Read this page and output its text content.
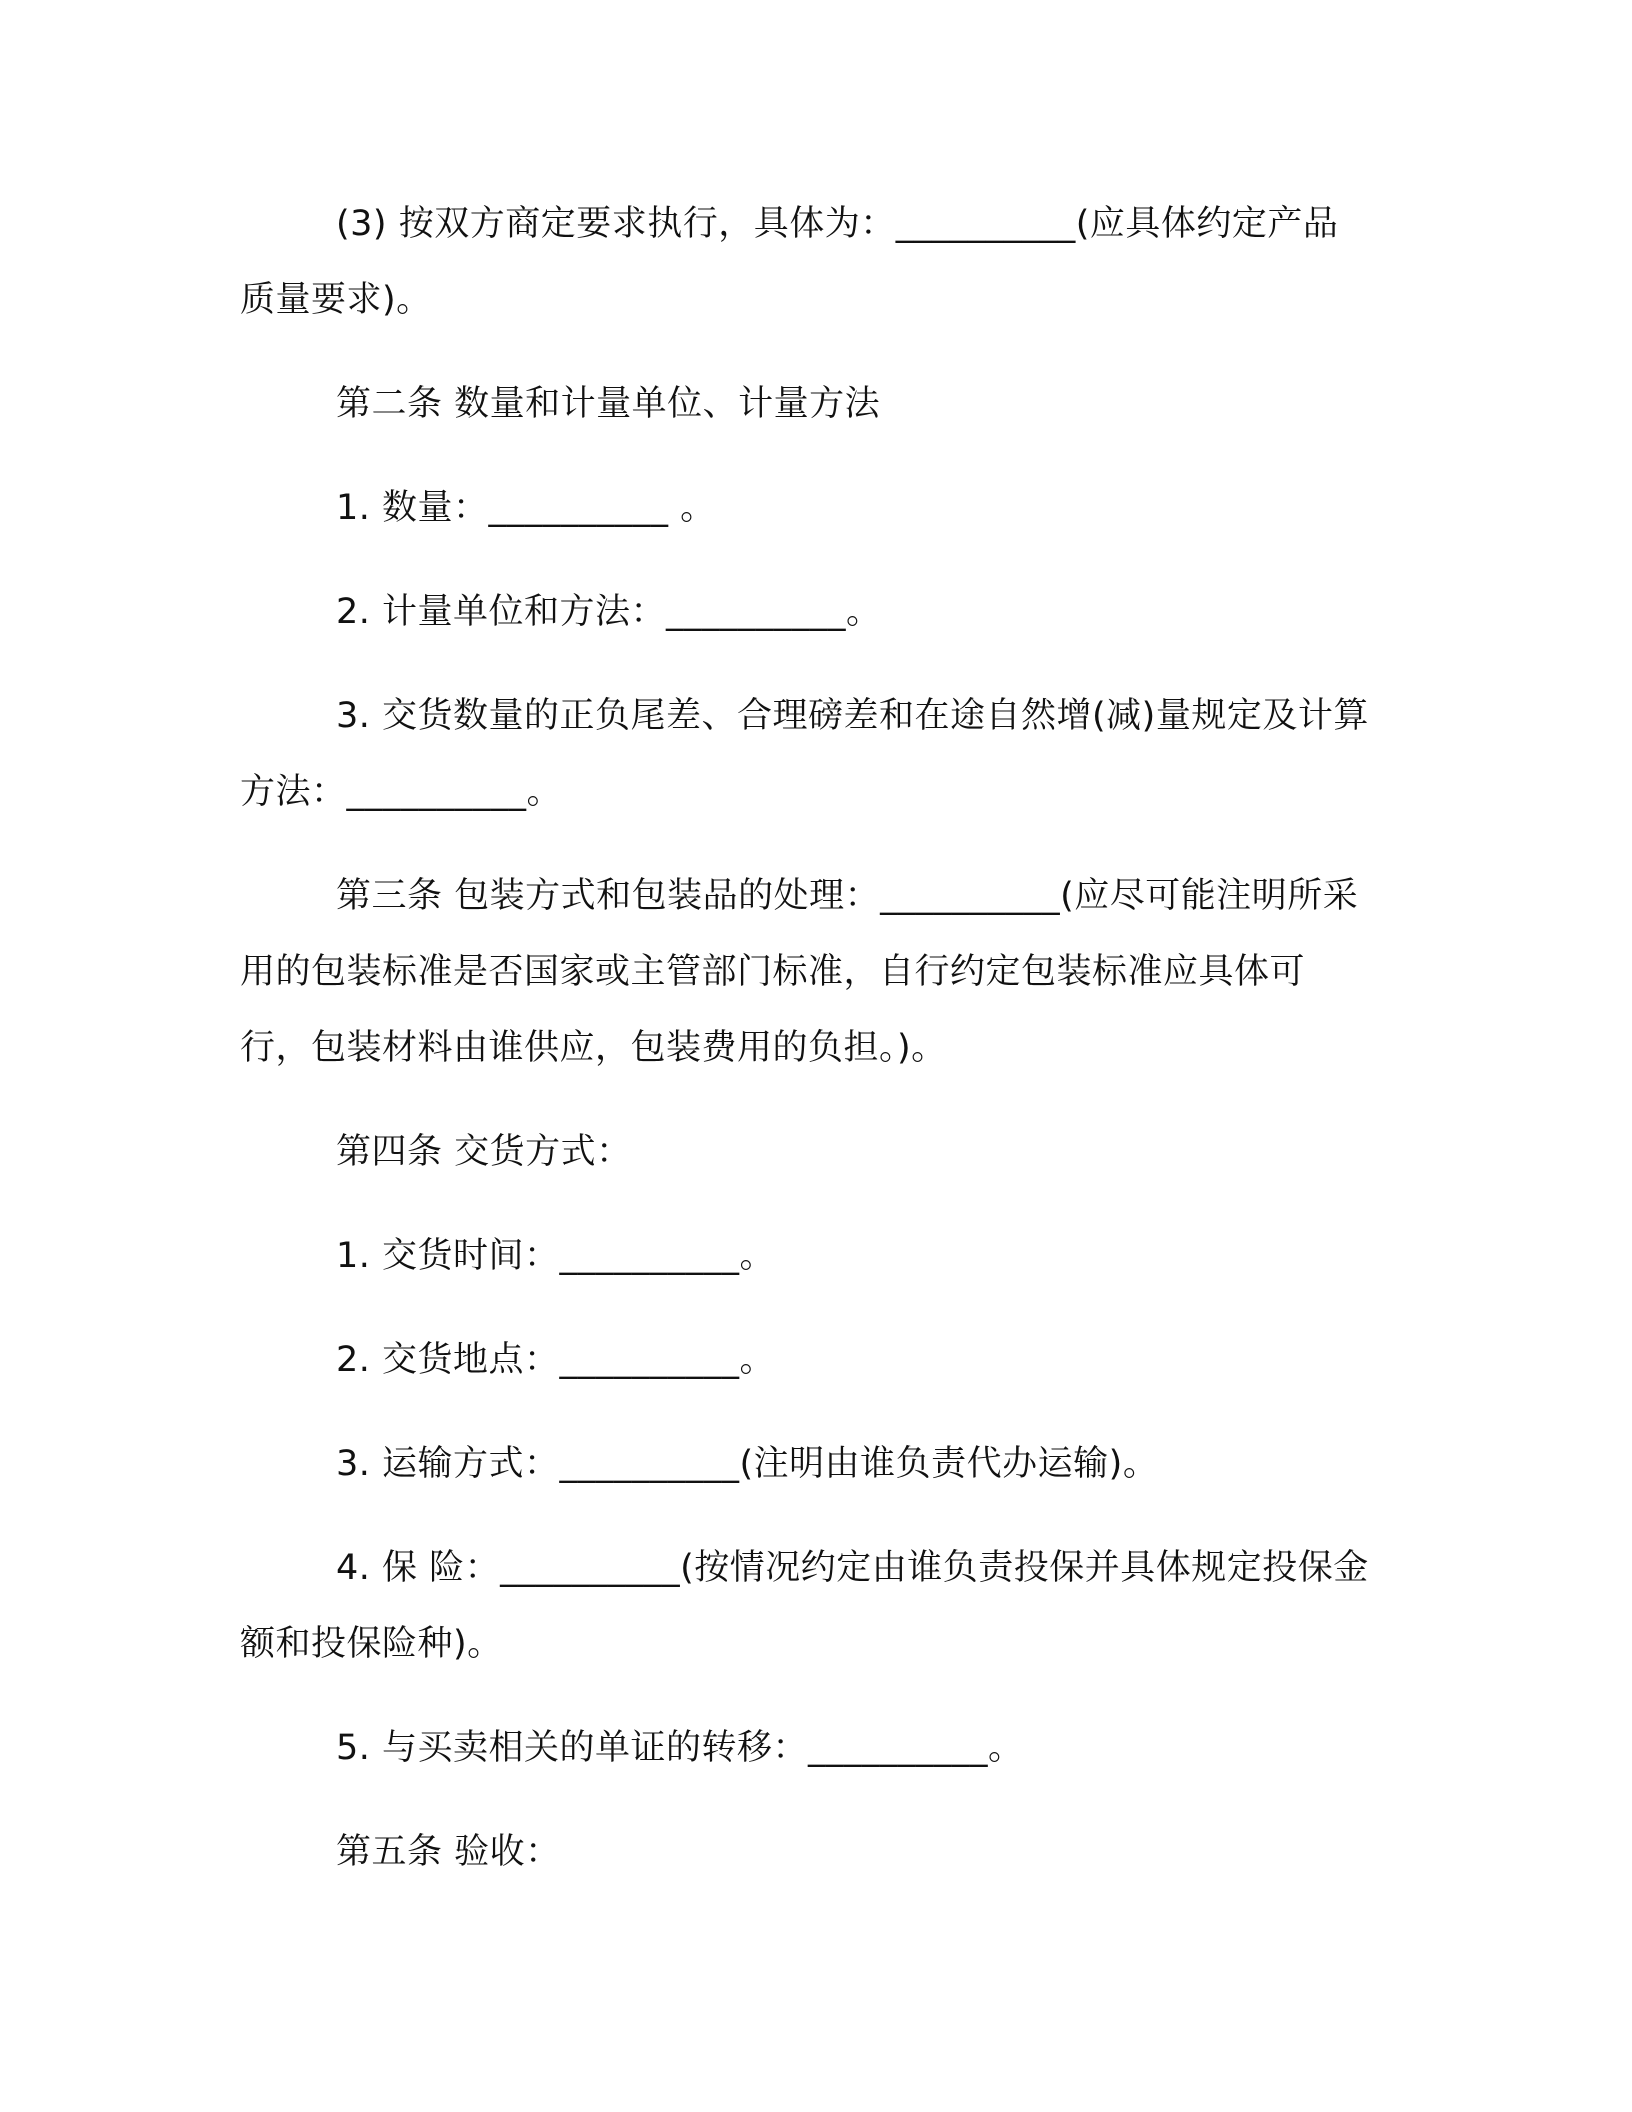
(3) 按双方商定要求执行，具体为：__________(应具体约定产品质量要求)。

第二条 数量和计量单位、计量方法

1. 数量：__________ 。

2. 计量单位和方法：__________。

3. 交货数量的正负尾差、合理磅差和在途自然增(减)量规定及计算方法：__________。

第三条 包装方式和包装品的处理：__________(应尽可能注明所采用的包装标准是否国家或主管部门标准，自行约定包装标准应具体可行，包装材料由谁供应，包装费用的负担。)。

第四条 交货方式：

1. 交货时间：__________。

2. 交货地点：__________。

3. 运输方式：__________(注明由谁负责代办运输)。

4. 保 险：__________(按情况约定由谁负责投保并具体规定投保金额和投保险种)。

5. 与买卖相关的单证的转移：__________。

第五条 验收：
